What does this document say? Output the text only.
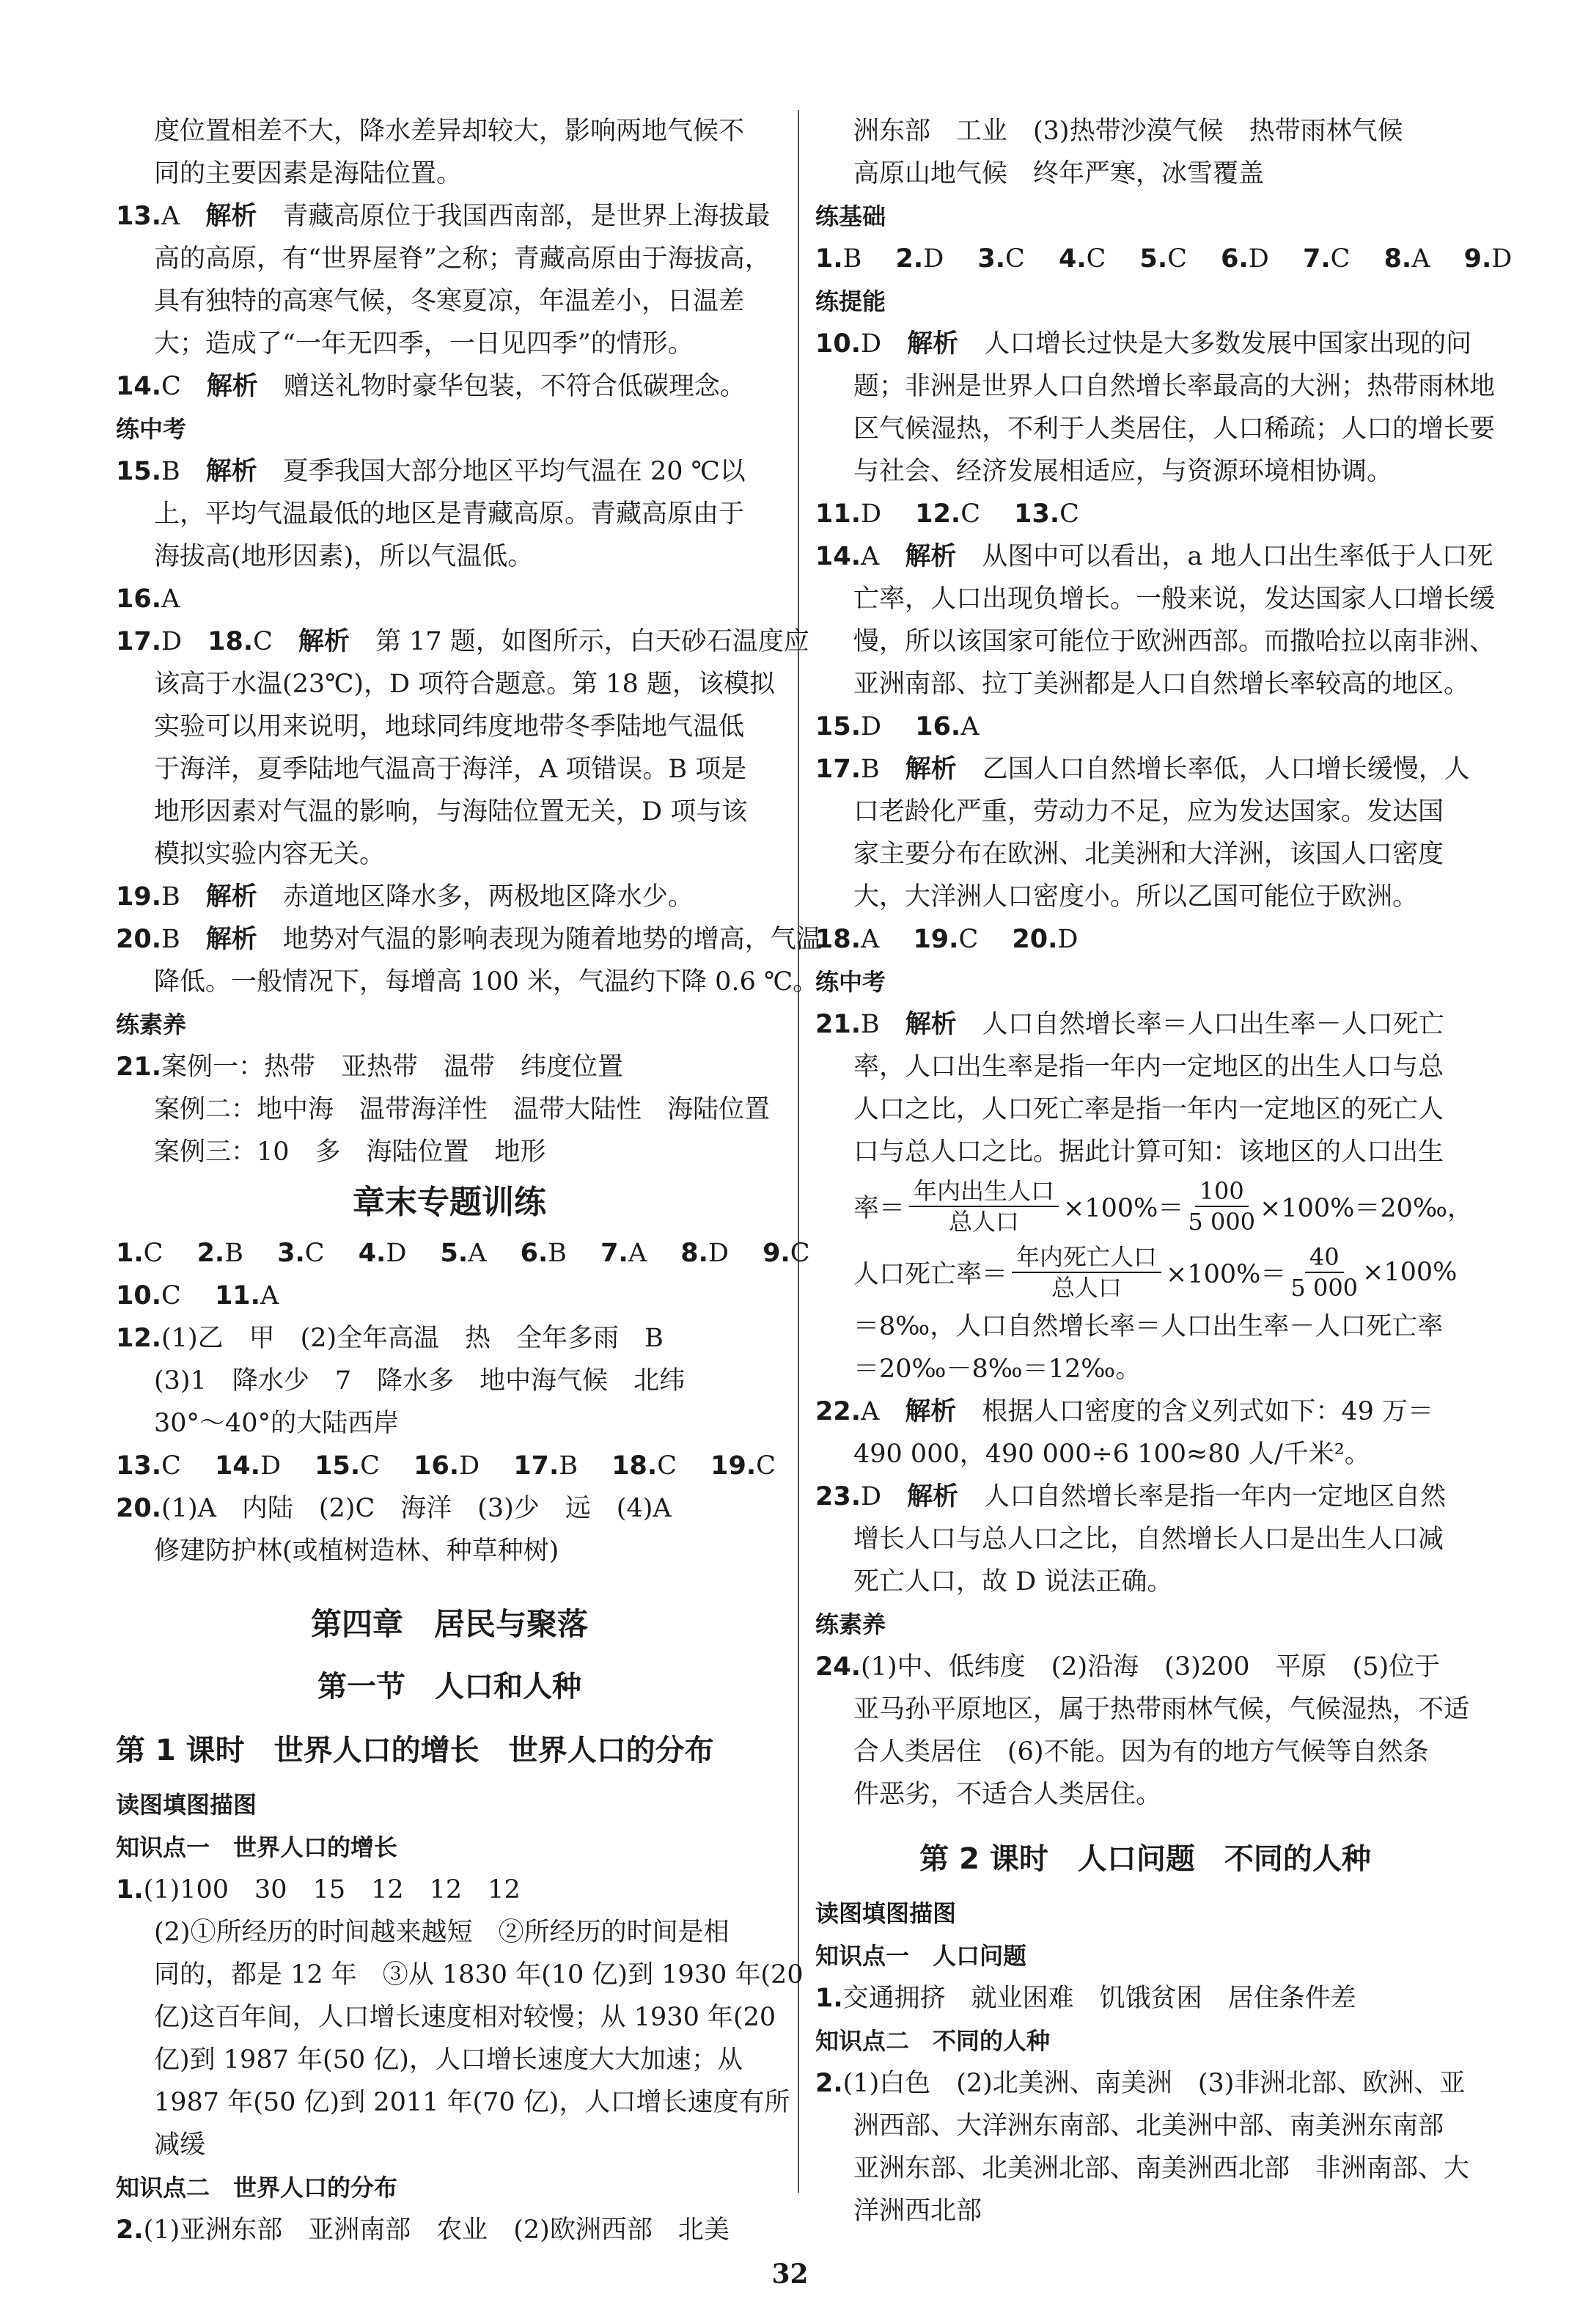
度位置相差不大，降水差异却较大，影响两地气候不
同的主要因素是海陆位置。
13.A　 解析　 青藏高原位于我国西南部，是世界上海拔最
高的高原，有“世界屋脊”之称；青藏高原由于海拔高，
具有独特的高寒气候，冬寒夏凉，年温差小，日温差
大；造成了“一年无四季，一日见四季”的情形。
14.C　 解析　 赠送礼物时豪华包装，不符合低碳理念。
练中考
15.B　 解析　 夏季我国大部分地区平均气温在 20 ℃以
上，平均气温最低的地区是青藏高原。青藏高原由于
海拔高(地形因素)，所以气温低。
16.A
17.D　 18.C　 解析　 第 17 题，如图所示，白天砂石温度应
该高于水温(23℃)，D 项符合题意。第 18 题，该模拟
实验可以用来说明，地球同纬度地带冬季陆地气温低
于海洋，夏季陆地气温高于海洋，A 项错误。B 项是
地形因素对气温的影响，与海陆位置无关，D 项与该
模拟实验内容无关。
19.B　 解析　 赤道地区降水多，两极地区降水少。
20.B　 解析　 地势对气温的影响表现为随着地势的增高，气温
降低。一般情况下，每增高 100 米，气温约下降 0.6 ℃。
练素养
21.案例一：热带　亚热带　温带　纬度位置
案例二：地中海　温带海洋性　温带大陆性　海陆位置
案例三：10　多　海陆位置　地形
章末专题训练
1.C　 2.B　 3.C　 4.D　 5.A　 6.B　 7.A　 8.D　 9.C
10.C　 11.A
12.(1)乙　甲　(2)全年高温　热　全年多雨　B
(3)1　降水少　7　降水多　地中海气候　北纬
30°～40°的大陆西岸
13.C　 14.D　 15.C　 16.D　 17.B　 18.C　 19.C
20.(1)A　内陆　(2)C　海洋　(3)少　远　(4)A
修建防护林(或植树造林、种草种树)
第四章　居民与聚落
第一节　人口和人种
第 1 课时　世界人口的增长　世界人口的分布
读图填图描图
知识点一　世界人口的增长
1.(1)100　30　15　12　12　12
(2)①所经历的时间越来越短　②所经历的时间是相
同的，都是 12 年　③从 1830 年(10 亿)到 1930 年(20
亿)这百年间，人口增长速度相对较慢；从 1930 年(20
亿)到 1987 年(50 亿)，人口增长速度大大加速；从
1987 年(50 亿)到 2011 年(70 亿)，人口增长速度有所
减缓
知识点二　世界人口的分布
2.(1)亚洲东部　亚洲南部　农业　(2)欧洲西部　北美
洲东部　工业　(3)热带沙漠气候　热带雨林气候
高原山地气候　终年严寒，冰雪覆盖
练基础
1.B　 2.D　 3.C　 4.C　 5.C　 6.D　 7.C　 8.A　 9.D
练提能
10.D　 解析　 人口增长过快是大多数发展中国家出现的问
题；非洲是世界人口自然增长率最高的大洲；热带雨林地
区气候湿热，不利于人类居住，人口稀疏；人口的增长要
与社会、经济发展相适应，与资源环境相协调。
11.D　 12.C　 13.C
14.A　 解析　 从图中可以看出，a 地人口出生率低于人口死
亡率，人口出现负增长。一般来说，发达国家人口增长缓
慢，所以该国家可能位于欧洲西部。而撒哈拉以南非洲、
亚洲南部、拉丁美洲都是人口自然增长率较高的地区。
15.D　 16.A
17.B　 解析　 乙国人口自然增长率低，人口增长缓慢，人
口老龄化严重，劳动力不足，应为发达国家。发达国
家主要分布在欧洲、北美洲和大洋洲，该国人口密度
大，大洋洲人口密度小。所以乙国可能位于欧洲。
18.A　 19.C　 20.D
练中考
21.B　 解析　 人口自然增长率＝人口出生率－人口死亡
率，人口出生率是指一年内一定地区的出生人口与总
人口之比，人口死亡率是指一年内一定地区的死亡人
口与总人口之比。据此计算可知：该地区的人口出生
率＝ $\frac{\text{年内出生人口}}{\text{总人口}} \times 100\%= \frac{100}{5 000}$ ×100%＝20‰，
人口死亡率＝ $\frac{\text{年内死亡人口}}{\text{总人口}} \times 100\%= \frac{40}{5 000} \times 100\%$
＝8‰，人口自然增长率＝人口出生率－人口死亡率
＝20‰－8‰＝12‰。
22.A　 解析　 根据人口密度的含义列式如下：49 万＝
490 000，490 000÷6 100≈80 人/千米²。
23.D　 解析　 人口自然增长率是指一年内一定地区自然
增长人口与总人口之比，自然增长人口是出生人口减
死亡人口，故 D 说法正确。
练素养
24.(1)中、低纬度　(2)沿海　(3)200　平原　(5)位于
亚马孙平原地区，属于热带雨林气候，气候湿热，不适
合人类居住　(6)不能。因为有的地方气候等自然条
件恶劣，不适合人类居住。
第 2 课时　人口问题　不同的人种
读图填图描图
知识点一　人口问题
1.交通拥挤　就业困难　饥饿贫困　居住条件差
知识点二　不同的人种
2.(1)白色　(2)北美洲、南美洲　(3)非洲北部、欧洲、亚
洲西部、大洋洲东南部、北美洲中部、南美洲东南部
亚洲东部、北美洲北部、南美洲西北部　非洲南部、大
洋洲西北部
32
